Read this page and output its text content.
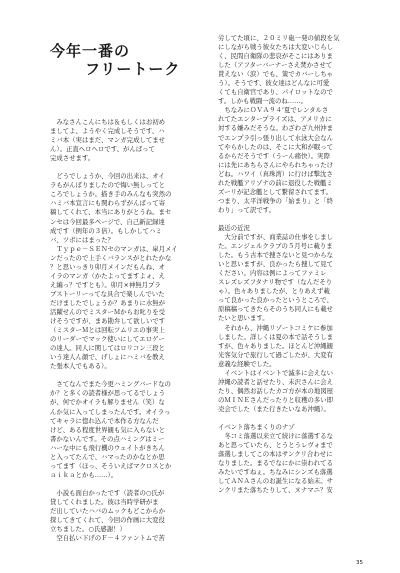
今年一番の

フリートーク

　みなさんこんにちは＆もしくはお初め

ましてよ、ようやく完成しそうです、ハ

ミバ本（実はまだ、マンガ完成してませ

ん）。正直へロへロです、がんばって

完成させます。

　どうでしょうか、今回の出来は、オイ

ラもがんばりましたので悔い無しってと

ころでしょうか。描き手のみんなも突然の

ハミバ本宣言にも関わらずがんばって寄

稿してくれて、本当にありがとうね。まセ

ンセは今回最多ページで、自己新記録達

成です（例年の３倍）。もしかしてハミ

バ、ツボにはまった？

　Ｔｙｐｅ－ＳＥＮセのマンガは、皐月メイ

ンだったので上手くバランスがとれたかな

？と思いっきり卯月メインだもんね、オ

イラのマンガ（かたよってますよォ、え

え編っ？ですとも）。卯月×神無月プラ

ブストーリーってな具合で楽しんでいた

だけましたでしょうか？あまりに水無が

活躍せんのでミスターＭからお叱りを受

けそうですが、まあ勘弁して欲しいです

（ミスターＭとは回転ツムリエの事実上

のリーダーでマック使いにしてエロゲー

の達人。同人に関してはロリコン三段と

いう達人ん顔で、げしょにハミバを教え

た張本人でもある）。

　さてなんでまた今更ハミングバードなの

か？と多くの読者様が思ってるでしょう

が、何でかオイラも解りません（笑）な

んか気に入ってしまったんです。オイラっ

てキャラに惚れ込んで本作る方なんだ

けど、ある程度世界観も気に入らないと

書かないんです。その点ハミングはミー

ハーな中にも飛行機のウェイトがきちん

と入ってたんで、ハマったのかなとか思

ってます（ほっ、そういえばマクロスとか

ａｉｋａとかも……）。

　小説も面白かったです（読者の○氏が

貸してくれました。彼は当時学研がま

だ出していたハバのムックもどこからか

探してきてくれて、今回の作画に大変役

立ちました。○氏感謝！）

　空自払い下げのＦ－４ファントムで苦

労してた頃に、２０ミリ砲一発の値段を気

にしながら戦う彼女たちは大変いじらし

く、民間自衛隊の悲哀がそこにはありま

した（アフターバーナーさえ焚かさせて

貰えない（涙）でも、策でカバーしちゃ

う）。そうです、彼女達はどんなに可愛

くても自衛官であり、パイロットなので

す。しかも戦闘一流のね……。

　ちなみにＯＶＡ９４’夏でレンタルさ

れてたエンタープライズは、アメリカに

対する嫌みだそうな。わざわざ九州沖ま

でエンプラ引っ張り出して水泳大会なん

てやらかしたのは、そこに大和が眠って

るからだそうです（うーん痛快）。実際

には先にあちらさんにやられちゃったけ

どね。ハワイ（真珠湾）に行けば撃沈さ

れた戦艦アリゾナの前に退役した戦艦ミ

ズーリが記念艦として繋留されてます。

つまり、太平洋戦争の「始まり」と「終

わり」って訳です。

最近の近況

　大分前ですが、商業誌の仕事をしまし

た。エンジェルクラブの５月号に載りま

した。もう古本で捜さないと見つからな

いと思いますが、良かったら捜して見て

ください。内容は例によってファミレ

スレズレズフタナリ物です（なんだそり

ゃ）。色々ありましたが、とりあえず載

って良かった良かったというところで、

原稿稿ってきたらそのうち同人にも載せ

たいと思います。

　それから、沖縄リゾートコミケに参加

しました。詳しくは夏の本で話そうしま

すが、色々ありました。ほとんど沖縄観

光客気分で旅行して過ごしたが、大変有

意義な経験でした。

　イベントはイベントで滅多に会えない

沖縄の読者と話せたり、未沢さんに会え

たり、偶然お話したカゴ方が本の地図屋

のＭＩＮＥさんだったりと収穫の多い即

売会でした（また行きたいなあ沖縄）。

イベント落ちまくりのナゾ

　冬コミ落選以来立て続けに落選するな

あと思っていたら、とうとうレヴォまで

落選しましてこの本はサンクリ合わせに

なりました。まるでなにかに祟われてる

みたいですねぇ。ちなみにシンズも落選

してＡＮＡさんのお誕生になる始末。サ

ンクリまた落ちたりして、ヌナマニ？安

35
